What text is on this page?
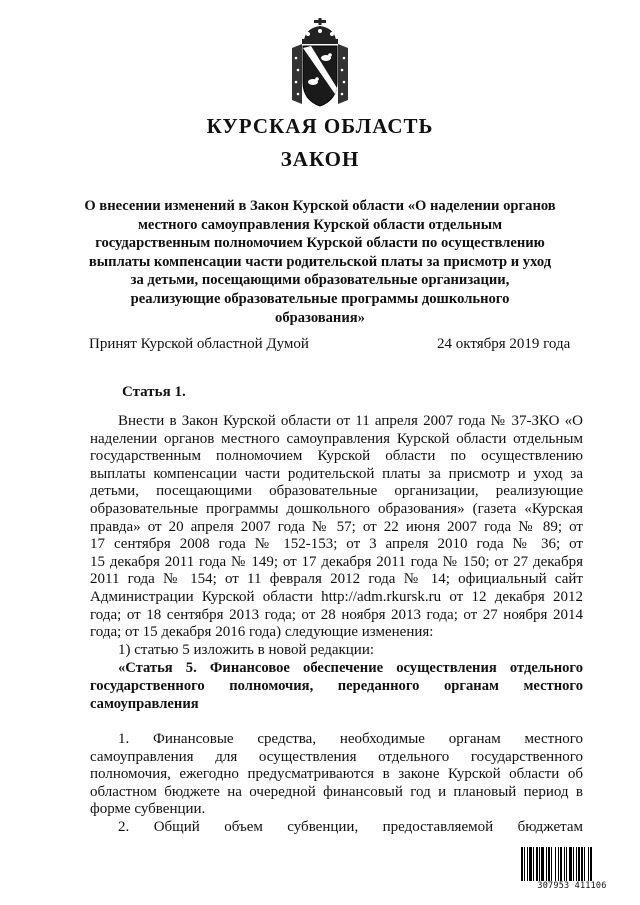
КУРСКАЯ ОБЛАСТЬ
ЗАКОН
О внесении изменений в Закон Курской области «О наделении органов
местного самоуправления Курской области отдельным
государственным полномочием Курской области по осуществлению
выплаты компенсации части родительской платы за присмотр и уход
за детьми, посещающими образовательные организации,
реализующие образовательные программы дошкольного
образования»
Принят Курской областной Думой	24 октября 2019 года
Статья 1.
Внести в Закон Курской области от 11 апреля 2007 года № 37-ЗКО «О
наделении органов местного самоуправления Курской области отдельным
государственным полномочием Курской области по осуществлению
выплаты компенсации части родительской платы за присмотр и уход за
детьми, посещающими образовательные организации, реализующие
образовательные программы дошкольного образования» (газета «Курская
правда» от 20 апреля 2007 года № 57; от 22 июня 2007 года № 89; от
17 сентября 2008 года № 152-153; от 3 апреля 2010 года № 36; от
15 декабря 2011 года № 149; от 17 декабря 2011 года № 150; от 27 декабря
2011 года № 154; от 11 февраля 2012 года № 14; официальный сайт
Администрации Курской области http://adm.rkursk.ru от 12 декабря 2012
года; от 18 сентября 2013 года; от 28 ноября 2013 года; от 27 ноября 2014
года; от 15 декабря 2016 года) следующие изменения:
1) статью 5 изложить в новой редакции:
«Статья 5. Финансовое обеспечение осуществления отдельного
государственного полномочия, переданного органам местного
самоуправления
1. Финансовые средства, необходимые органам местного
самоуправления для осуществления отдельного государственного
полномочия, ежегодно предусматриваются в законе Курской области об
областном бюджете на очередной финансовый год и плановый период в
форме субвенции.
2. Общий объем субвенции, предоставляемой бюджетам
307953 411106
